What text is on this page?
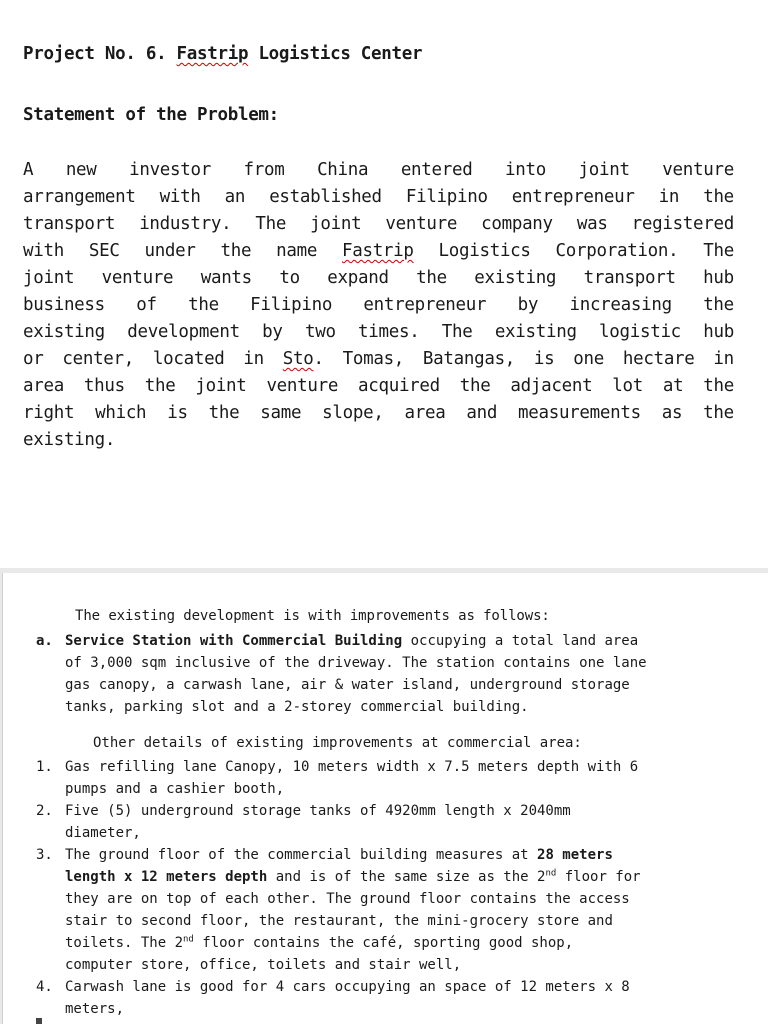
Project No. 6. Fastrip Logistics Center
Statement of the Problem:
A new investor from China entered into joint venture
arrangement with an established Filipino entrepreneur in the
transport industry. The joint venture company was registered
with SEC under the name Fastrip Logistics Corporation. The
joint venture wants to expand the existing transport hub
business of the Filipino entrepreneur by increasing the
existing development by two times. The existing logistic hub
or center, located in Sto. Tomas, Batangas, is one hectare in
area thus the joint venture acquired the adjacent lot at the
right which is the same slope, area and measurements as the
existing.
The existing development is with improvements as follows:
a. Service Station with Commercial Building occupying a total land area
of 3,000 sqm inclusive of the driveway. The station contains one lane
gas canopy, a carwash lane, air & water island, underground storage
tanks, parking slot and a 2-storey commercial building.
Other details of existing improvements at commercial area:
1. Gas refilling lane Canopy, 10 meters width x 7.5 meters depth with 6
pumps and a cashier booth,
2. Five (5) underground storage tanks of 4920mm length x 2040mm
diameter,
3. The ground floor of the commercial building measures at 28 meters
length x 12 meters depth and is of the same size as the 2nd floor for
they are on top of each other. The ground floor contains the access
stair to second floor, the restaurant, the mini-grocery store and
toilets. The 2nd floor contains the café, sporting good shop,
computer store, office, toilets and stair well,
4. Carwash lane is good for 4 cars occupying an space of 12 meters x 8
meters,
